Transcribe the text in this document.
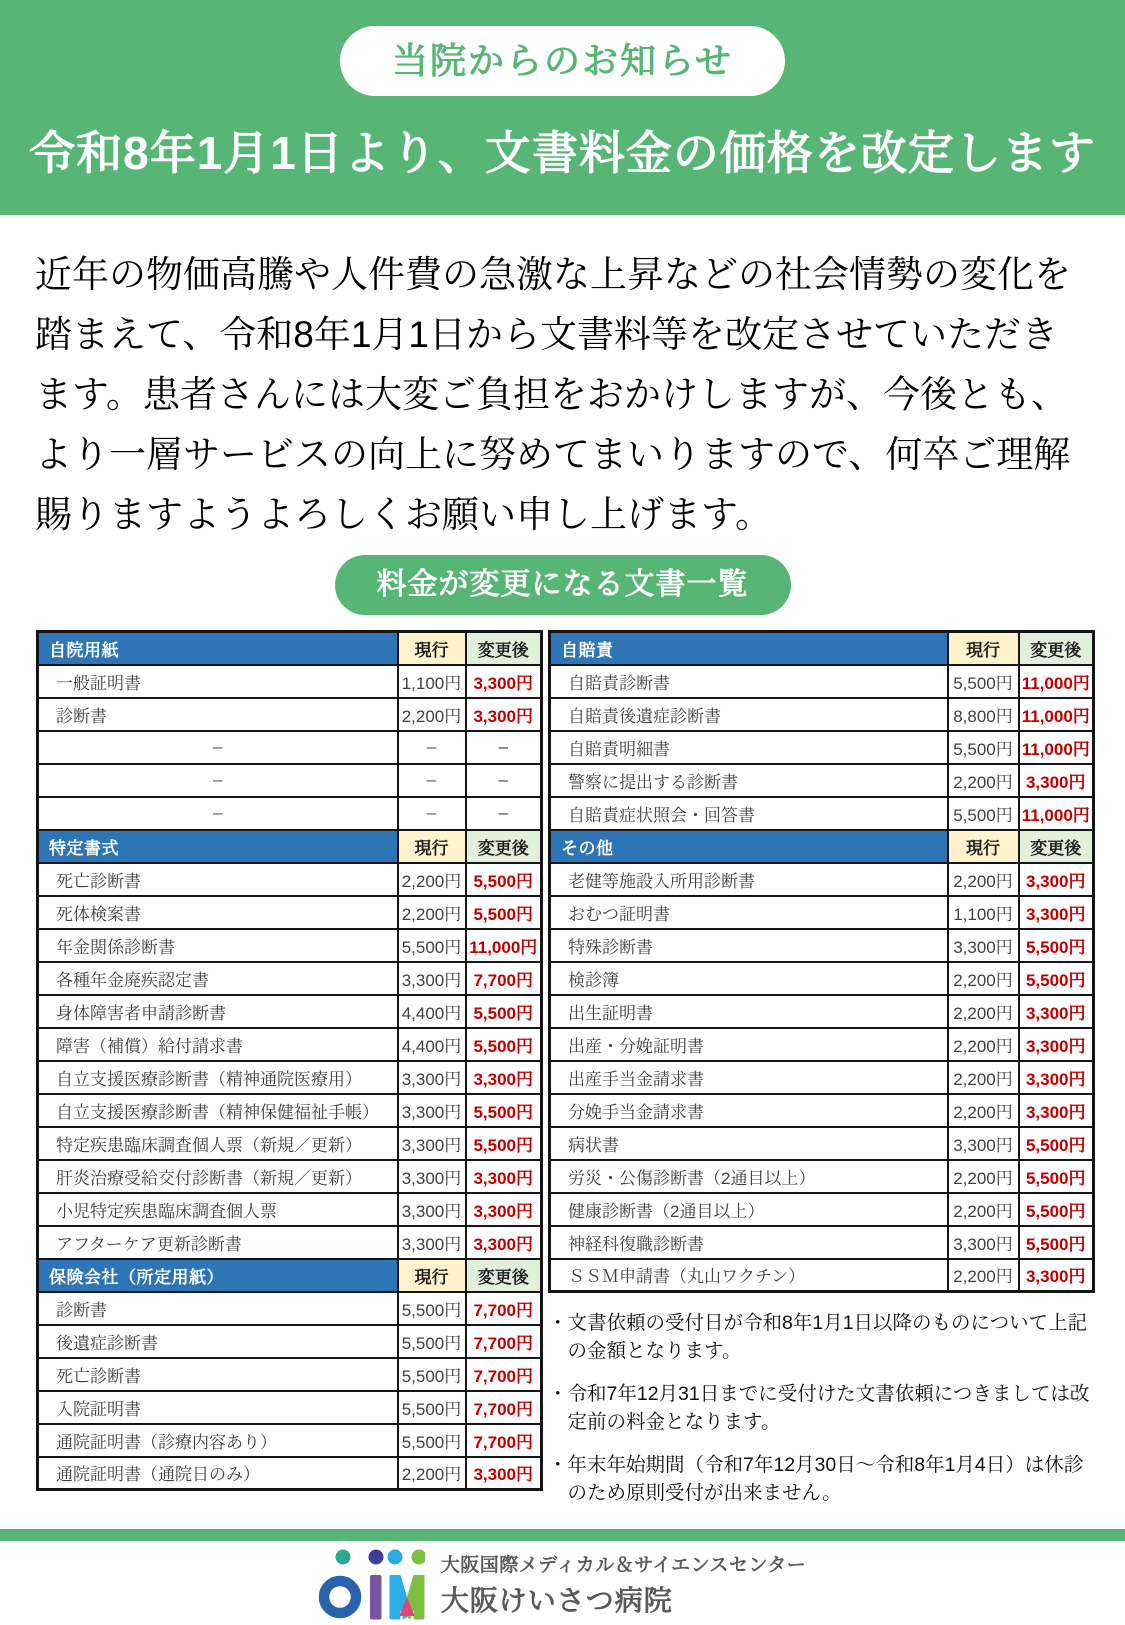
当院からのお知らせ
令和8年1月1日より、文書料金の価格を改定します

近年の物価高騰や人件費の急激な上昇などの社会情勢の変化を踏まえて、令和8年1月1日から文書料等を改定させていただきます。患者さんには大変ご負担をおかけしますが、今後とも、より一層サービスの向上に努めてまいりますので、何卒ご理解賜りますようよろしくお願い申し上げます。

料金が変更になる文書一覧
自院用紙	現行	変更後
一般証明書	1,100円	3,300円
診断書	2,200円	3,300円
–	–	–
–	–	–
–	–	–
特定書式	現行	変更後
死亡診断書	2,200円	5,500円
死体検案書	2,200円	5,500円
年金関係診断書	5,500円	11,000円
各種年金廃疾認定書	3,300円	7,700円
身体障害者申請診断書	4,400円	5,500円
障害（補償）給付請求書	4,400円	5,500円
自立支援医療診断書（精神通院医療用）	3,300円	3,300円
自立支援医療診断書（精神保健福祉手帳）	3,300円	5,500円
特定疾患臨床調査個人票（新規／更新）	3,300円	5,500円
肝炎治療受給交付診断書（新規／更新）	3,300円	3,300円
小児特定疾患臨床調査個人票	3,300円	3,300円
アフターケア更新診断書	3,300円	3,300円
保険会社（所定用紙）	現行	変更後
診断書	5,500円	7,700円
後遺症診断書	5,500円	7,700円
死亡診断書	5,500円	7,700円
入院証明書	5,500円	7,700円
通院証明書（診療内容あり）	5,500円	7,700円
通院証明書（通院日のみ）	2,200円	3,300円
自賠責	現行	変更後
自賠責診断書	5,500円	11,000円
自賠責後遺症診断書	8,800円	11,000円
自賠責明細書	5,500円	11,000円
警察に提出する診断書	2,200円	3,300円
自賠責症状照会・回答書	5,500円	11,000円
その他	現行	変更後
老健等施設入所用診断書	2,200円	3,300円
おむつ証明書	1,100円	3,300円
特殊診断書	3,300円	5,500円
検診簿	2,200円	5,500円
出生証明書	2,200円	3,300円
出産・分娩証明書	2,200円	3,300円
出産手当金請求書	2,200円	3,300円
分娩手当金請求書	2,200円	3,300円
病状書	3,300円	5,500円
労災・公傷診断書（2通目以上）	2,200円	5,500円
健康診断書（2通目以上）	2,200円	5,500円
神経科復職診断書	3,300円	5,500円
ＳＳＭ申請書（丸山ワクチン）	2,200円	3,300円
・文書依頼の受付日が令和8年1月1日以降のものについて上記の金額となります。
・令和7年12月31日までに受付けた文書依頼につきましては改定前の料金となります。
・年末年始期間（令和7年12月30日～令和8年1月4日）は休診のため原則受付が出来ません。
大阪国際メディカル＆サイエンスセンター
大阪けいさつ病院
